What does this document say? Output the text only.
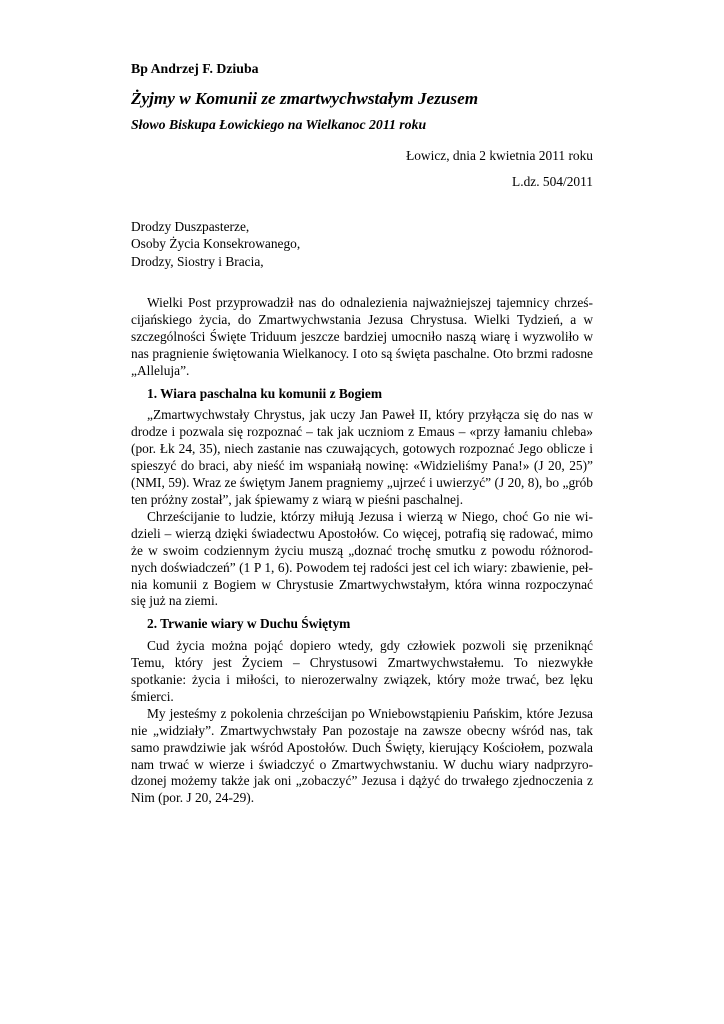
Bp Andrzej F. Dziuba
Żyjmy w Komunii ze zmartwychwstałym Jezusem
Słowo Biskupa Łowickiego na Wielkanoc 2011 roku
Łowicz, dnia 2 kwietnia 2011 roku
L.dz. 504/2011
Drodzy Duszpasterze,
Osoby Życia Konsekrowanego,
Drodzy, Siostry i Bracia,

Wielki Post przyprowadził nas do odnalezienia najważniejszej tajemnicy chrześcijańskiego życia, do Zmartwychwstania Jezusa Chrystusa. Wielki Tydzień, a w szczególności Święte Triduum jeszcze bardziej umocniło naszą wiarę i wyzwoliło w nas pragnienie świętowania Wielkanocy. I oto są święta paschalne. Oto brzmi radosne „Alleluja”.

1. Wiara paschalna ku komunii z Bogiem

„Zmartwychwstały Chrystus, jak uczy Jan Paweł II, który przyłącza się do nas w drodze i pozwala się rozpoznać – tak jak uczniom z Emaus – «przy łamaniu chleba» (por. Łk 24, 35), niech zastanie nas czuwających, gotowych rozpoznać Jego oblicze i spieszyć do braci, aby nieść im wspaniałą nowinę: «Widzieliśmy Pana!» (J 20, 25)” (NMI, 59). Wraz ze świętym Janem pragniemy „ujrzeć i uwierzyć” (J 20, 8), bo „grób ten próżny został”, jak śpiewamy z wiarą w pieśni paschalnej.

Chrześcijanie to ludzie, którzy miłują Jezusa i wierzą w Niego, choć Go nie widzieli – wierzą dzięki świadectwu Apostołów. Co więcej, potrafią się radować, mimo że w swoim codziennym życiu muszą „doznać trochę smutku z powodu różnorodnych doświadczeń” (1 P 1, 6). Powodem tej radości jest cel ich wiary: zbawienie, pełnia komunii z Bogiem w Chrystusie Zmartwychwstałym, która winna rozpoczynać się już na ziemi.

2. Trwanie wiary w Duchu Świętym

Cud życia można pojąć dopiero wtedy, gdy człowiek pozwoli się przeniknąć Temu, który jest Życiem – Chrystusowi Zmartwychwstałemu. To niezwykłe spotkanie: życia i miłości, to nierozerwalny związek, który może trwać, bez lęku śmierci.

My jesteśmy z pokolenia chrześcijan po Wniebowstąpieniu Pańskim, które Jezusa nie „widziały”. Zmartwychwstały Pan pozostaje na zawsze obecny wśród nas, tak samo prawdziwie jak wśród Apostołów. Duch Święty, kierujący Kościołem, pozwala nam trwać w wierze i świadczyć o Zmartwychwstaniu. W duchu wiary nadprzyrodzonej możemy także jak oni „zobaczyć” Jezusa i dążyć do trwałego zjednoczenia z Nim (por. J 20, 24-29).
